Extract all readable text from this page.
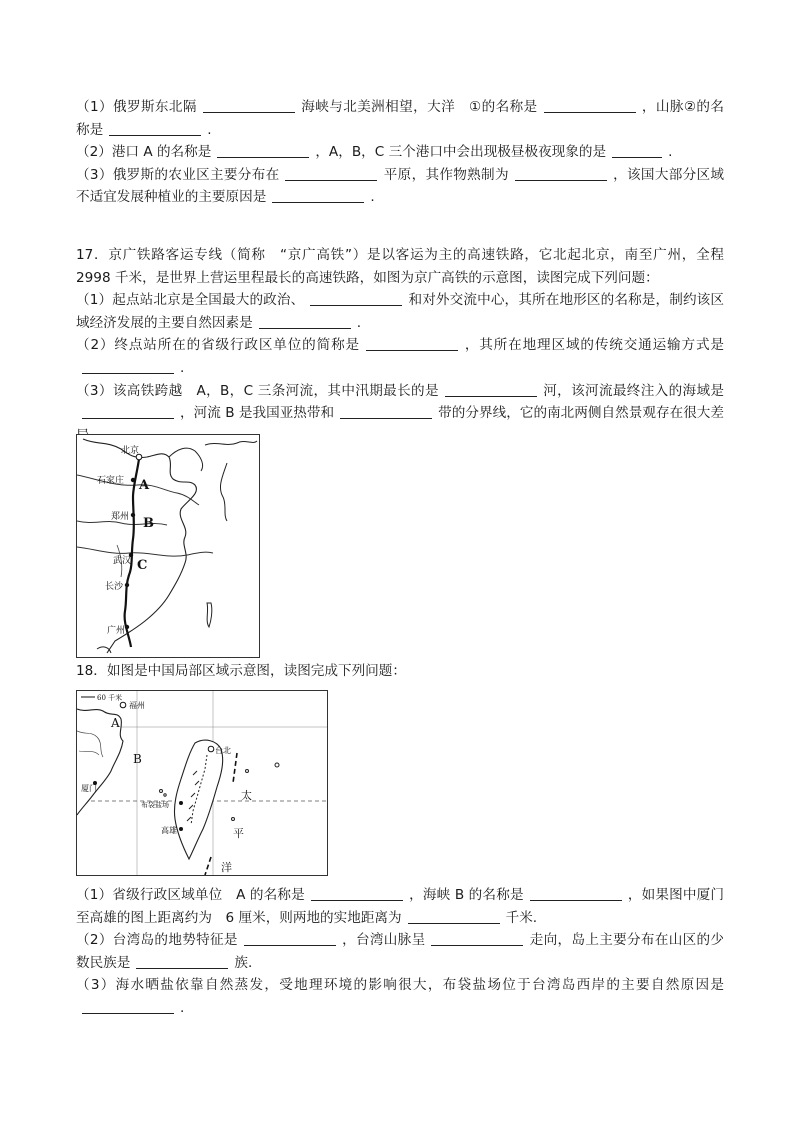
（1）俄罗斯东北隔	海峡与北美洲相望，大洋　①的名称是	，山脉②的名称是	.

（2）港口 A 的名称是	，A，B，C 三个港口中会出现极昼极夜现象的是	.

（3）俄罗斯的农业区主要分布在	平原，其作物熟制为	，该国大部分区域不适宜发展种植业的主要原因是	.

17．京广铁路客运专线（简称　“京广高铁”）是以客运为主的高速铁路，它北起北京，南至广州，全程　2998 千米，是世界上营运里程最长的高速铁路，如图为京广高铁的示意图，读图完成下列问题：

（1）起点站北京是全国最大的政治、	和对外交流中心，其所在地形区的名称是，制约该区域经济发展的主要自然因素是	.

（2）终点站所在的省级行政区单位的简称是	，其所在地理区域的传统交通运输方式是.

（3）该高铁跨越　A，B，C 三条河流，其中汛期最长的是	河，该河流最终注入的海域是，河流 B 是我国亚热带和	带的分界线，它的南北两侧自然景观存在很大差

北京
石家庄
郑州
武汉
长沙
广州
A
B
C

18．如图是中国局部区域示意图，读图完成下列问题：

60 千米
福州
A
B
厦门
台北
布袋盐场
高雄
太
平
洋

（1）省级行政区域单位　A 的名称是	，海峡 B 的名称是	，如果图中厦门至高雄的图上距离约为　6 厘米，则两地的实地距离为	千米.

（2）台湾岛的地势特征是	，台湾山脉呈	走向，岛上主要分布在山区的少数民族是	族.

（3）海水晒盐依靠自然蒸发，受地理环境的影响很大，布袋盐场位于台湾岛西岸的主要自然原因是.
